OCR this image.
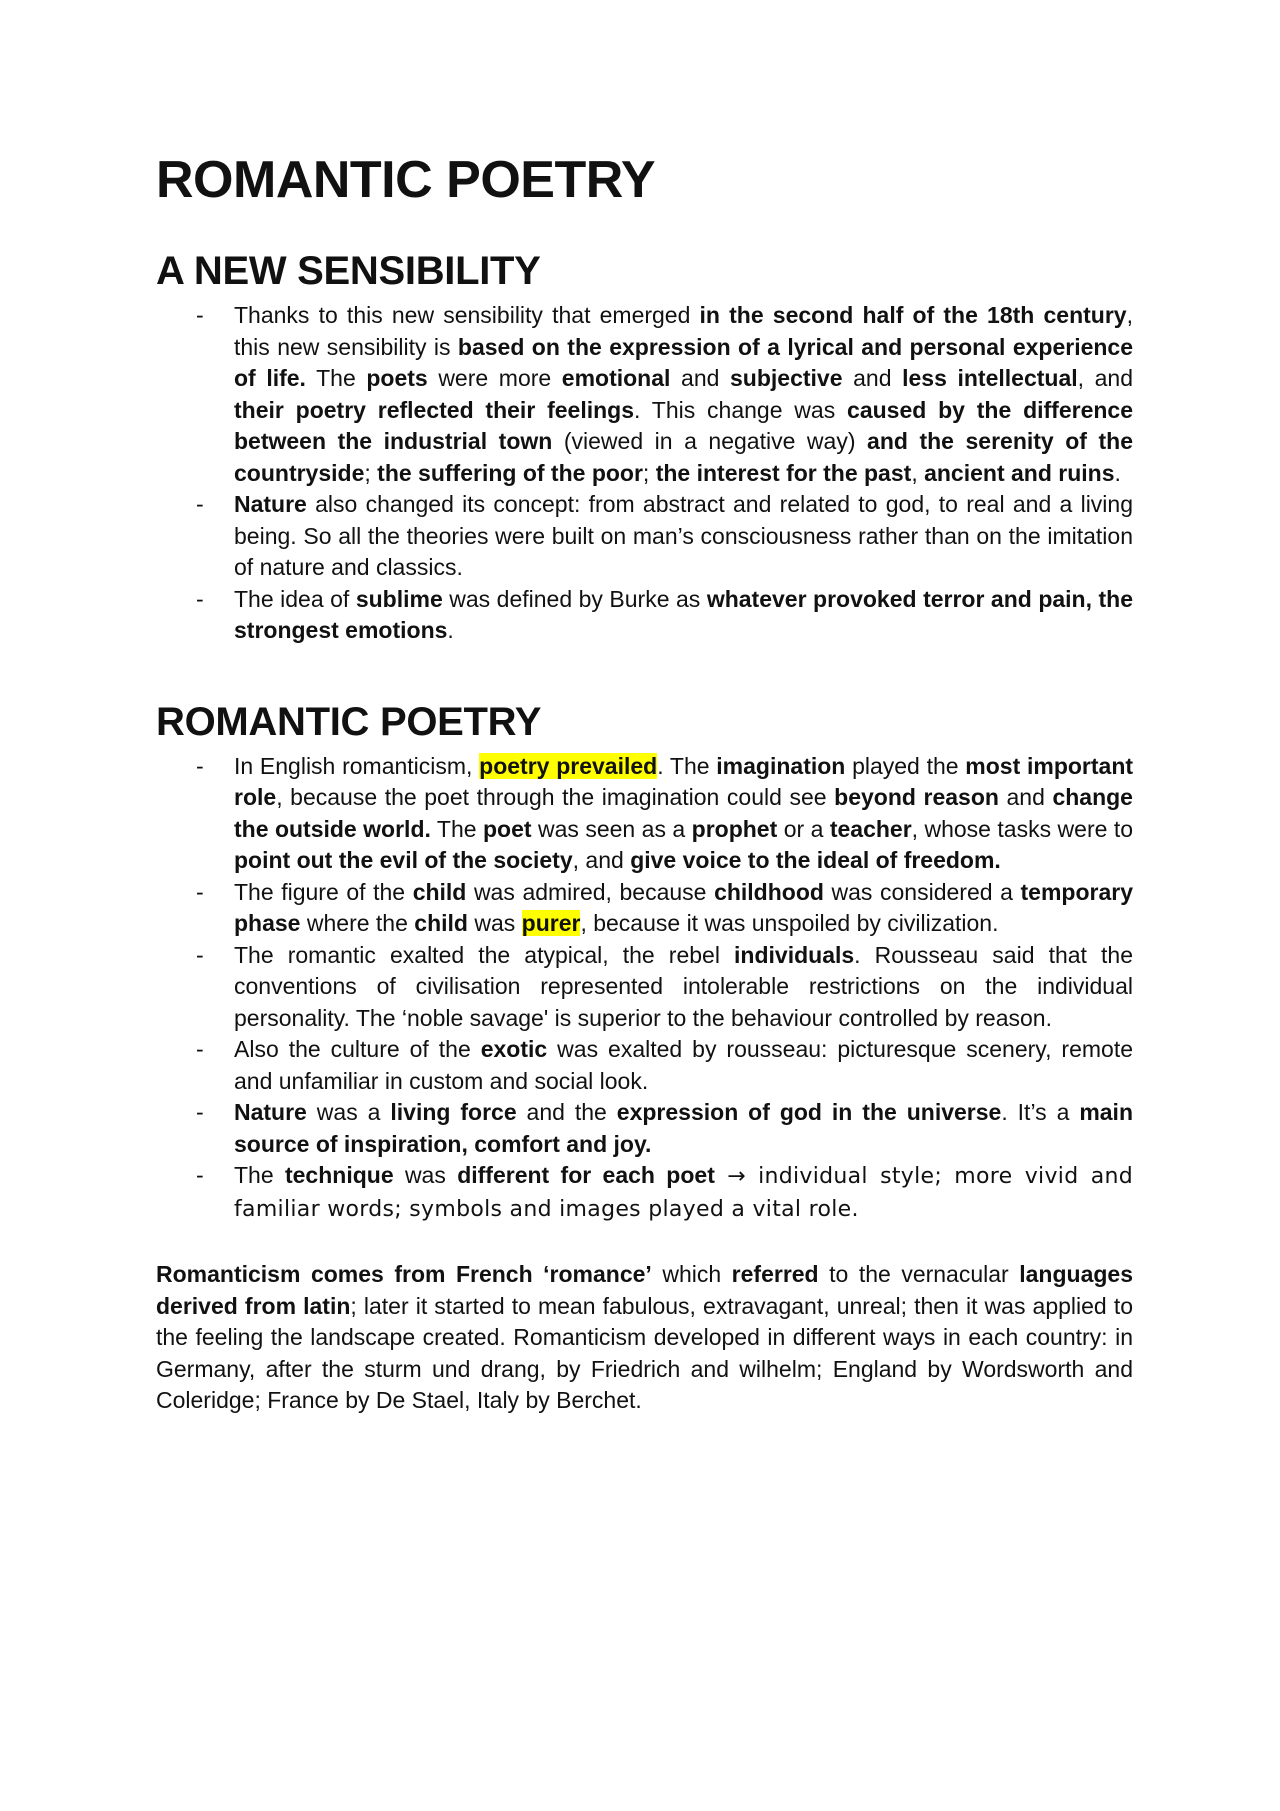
ROMANTIC POETRY
A NEW SENSIBILITY
- Thanks to this new sensibility that emerged in the second half of the 18th century, this new sensibility is based on the expression of a lyrical and personal experience of life. The poets were more emotional and subjective and less intellectual, and their poetry reflected their feelings. This change was caused by the difference between the industrial town (viewed in a negative way) and the serenity of the countryside; the suffering of the poor; the interest for the past, ancient and ruins.
- Nature also changed its concept: from abstract and related to god, to real and a living being. So all the theories were built on man’s consciousness rather than on the imitation of nature and classics.
- The idea of sublime was defined by Burke as whatever provoked terror and pain, the strongest emotions.
ROMANTIC POETRY
- In English romanticism, poetry prevailed. The imagination played the most important role, because the poet through the imagination could see beyond reason and change the outside world. The poet was seen as a prophet or a teacher, whose tasks were to point out the evil of the society, and give voice to the ideal of freedom.
- The figure of the child was admired, because childhood was considered a temporary phase where the child was purer, because it was unspoiled by civilization.
- The romantic exalted the atypical, the rebel individuals. Rousseau said that the conventions of civilisation represented intolerable restrictions on the individual personality. The ‘noble savage' is superior to the behaviour controlled by reason.
- Also the culture of the exotic was exalted by rousseau: picturesque scenery, remote and unfamiliar in custom and social look.
- Nature was a living force and the expression of god in the universe. It’s a main source of inspiration, comfort and joy.
- The technique was different for each poet → individual style; more vivid and familiar words; symbols and images played a vital role.

Romanticism comes from French ‘romance’ which referred to the vernacular languages derived from latin; later it started to mean fabulous, extravagant, unreal; then it was applied to the feeling the landscape created. Romanticism developed in different ways in each country: in Germany, after the sturm und drang, by Friedrich and wilhelm; England by Wordsworth and Coleridge; France by De Stael, Italy by Berchet.
